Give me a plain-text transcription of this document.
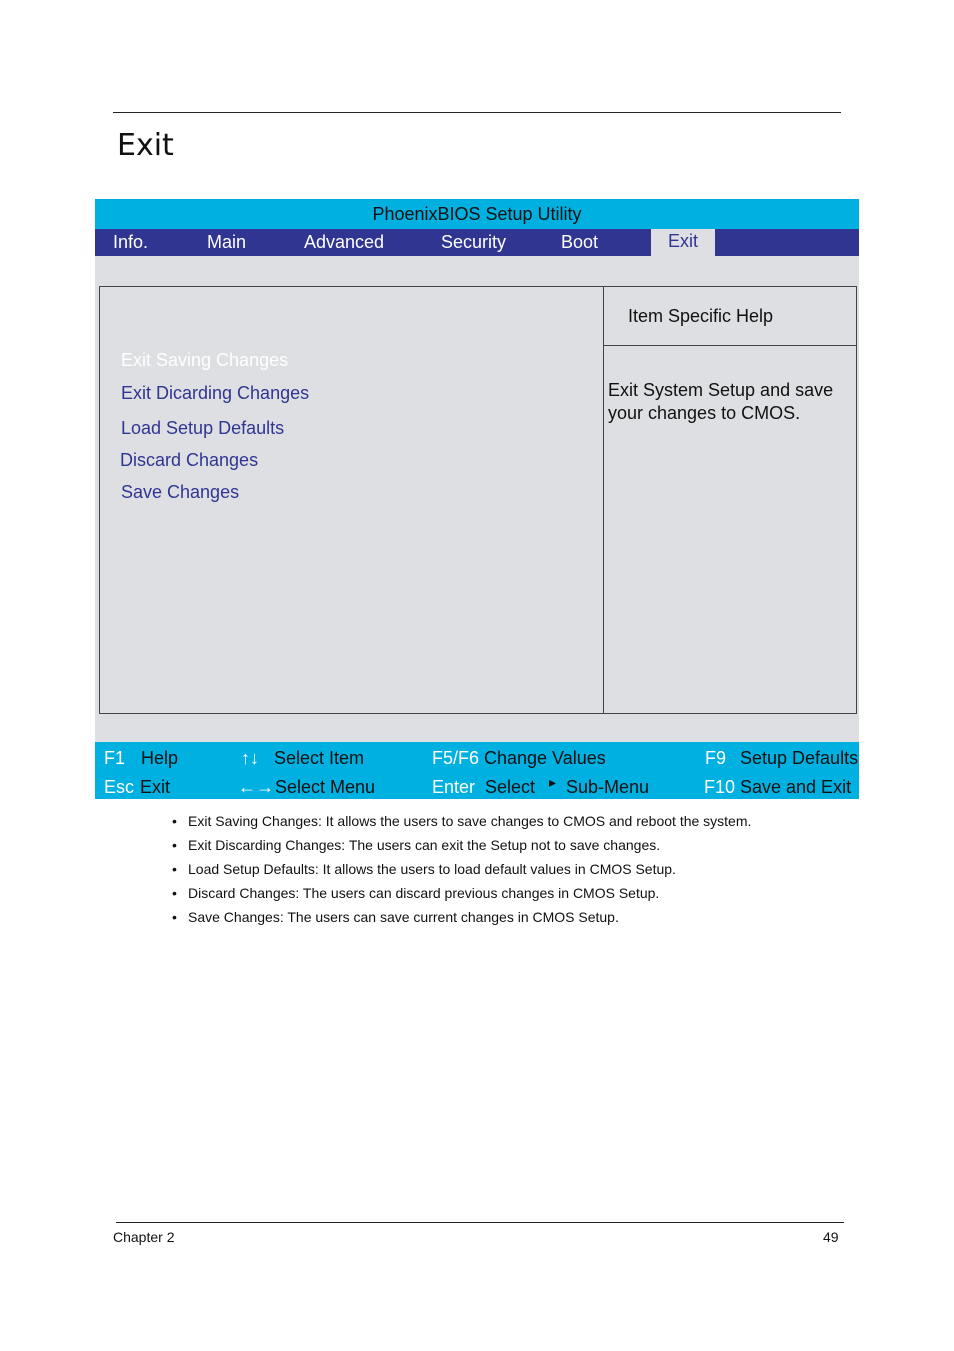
Exit
PhoenixBIOS Setup Utility
Info.	Main	Advanced	Security	Boot	Exit
Exit Saving Changes
Exit Dicarding Changes
Load Setup Defaults
Discard Changes
Save Changes
Item Specific Help
Exit System Setup and save your changes to CMOS.
F1 Help	↑↓ Select Item	F5/F6 Change Values	F9 Setup Defaults
Esc Exit	←→ Select Menu	Enter Select ▸ Sub-Menu	F10 Save and Exit
• Exit Saving Changes: It allows the users to save changes to CMOS and reboot the system.
• Exit Discarding Changes: The users can exit the Setup not to save changes.
• Load Setup Defaults: It allows the users to load default values in CMOS Setup.
• Discard Changes: The users can discard previous changes in CMOS Setup.
• Save Changes: The users can save current changes in CMOS Setup.
Chapter 2	49
